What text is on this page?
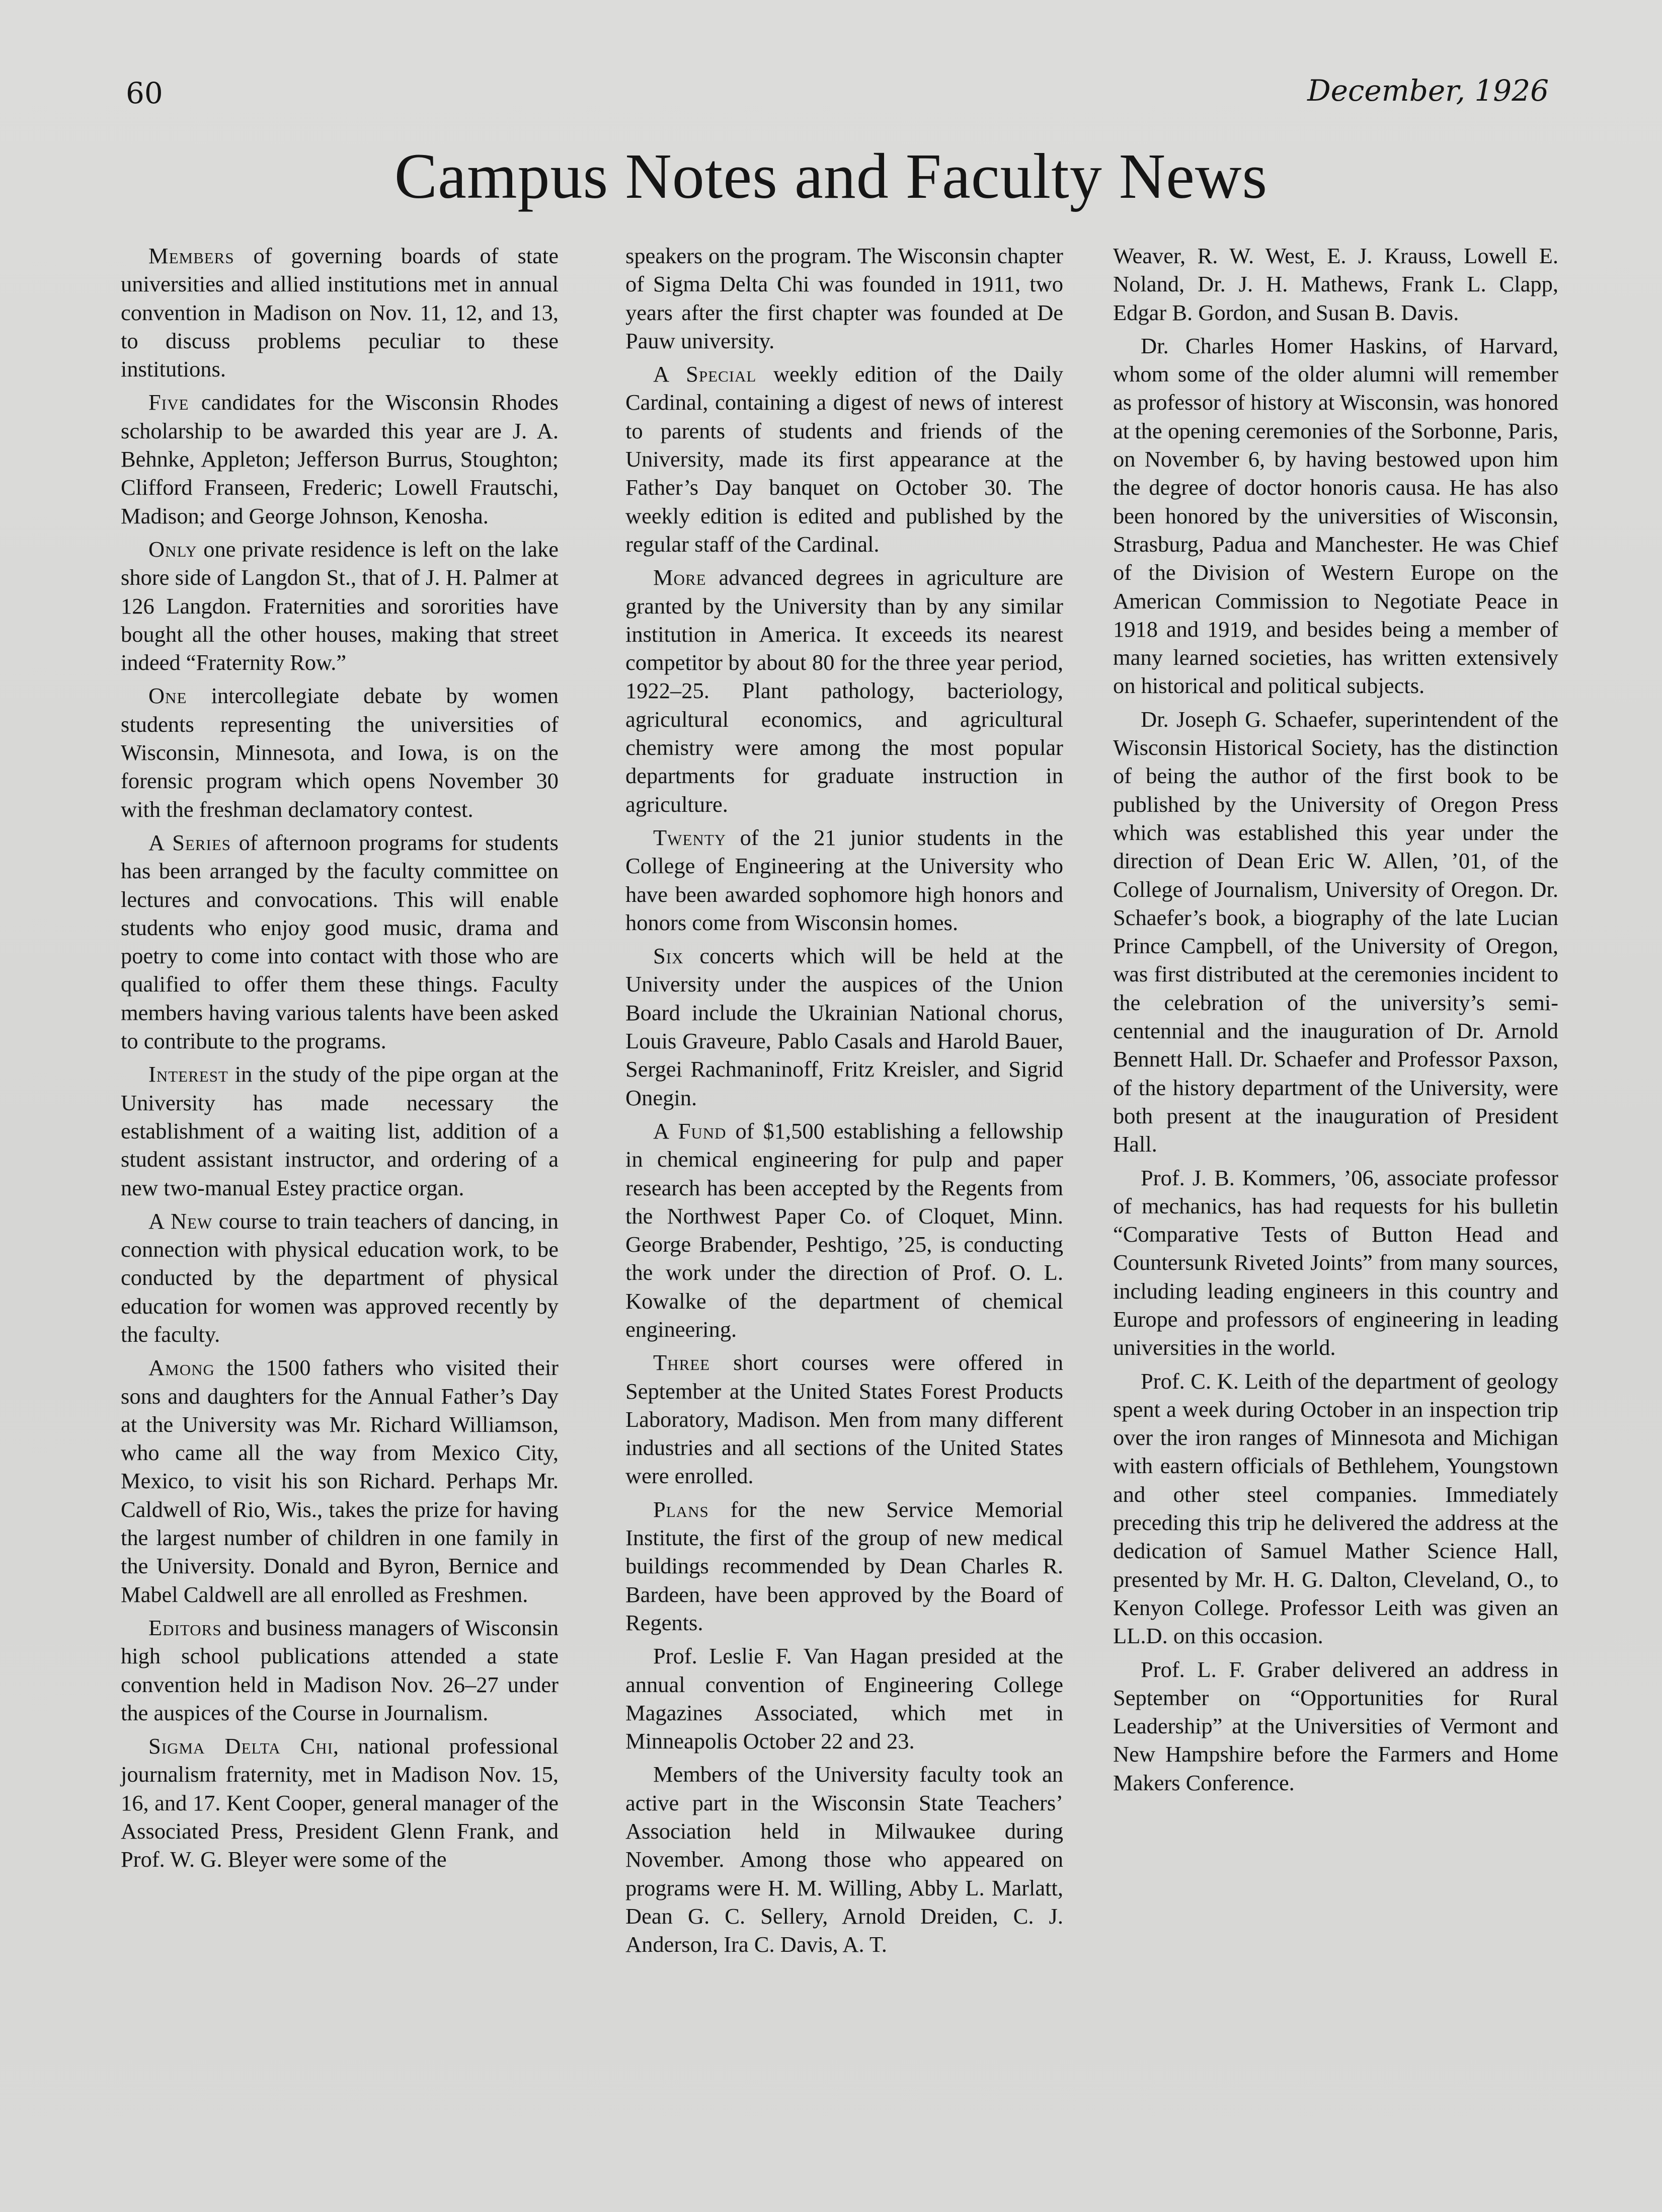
60	December, 1926
Campus Notes and Faculty News

Members of governing boards of state universities and allied institutions met in annual convention in Madison on Nov. 11, 12, and 13, to discuss problems peculiar to these institutions.

Five candidates for the Wisconsin Rhodes scholarship to be awarded this year are J. A. Behnke, Appleton; Jefferson Burrus, Stoughton; Clifford Franseen, Frederic; Lowell Frautschi, Madison; and George Johnson, Kenosha.

Only one private residence is left on the lake shore side of Langdon St., that of J. H. Palmer at 126 Langdon. Fraternities and sororities have bought all the other houses, making that street indeed “Fraternity Row.”

One intercollegiate debate by women students representing the universities of Wisconsin, Minnesota, and Iowa, is on the forensic program which opens November 30 with the freshman declamatory contest.

A Series of afternoon programs for students has been arranged by the faculty committee on lectures and convocations. This will enable students who enjoy good music, drama and poetry to come into contact with those who are qualified to offer them these things. Faculty members having various talents have been asked to contribute to the programs.

Interest in the study of the pipe organ at the University has made necessary the establishment of a waiting list, addition of a student assistant instructor, and ordering of a new two-manual Estey practice organ.

A New course to train teachers of dancing, in connection with physical education work, to be conducted by the department of physical education for women was approved recently by the faculty.

Among the 1500 fathers who visited their sons and daughters for the Annual Father’s Day at the University was Mr. Richard Williamson, who came all the way from Mexico City, Mexico, to visit his son Richard. Perhaps Mr. Caldwell of Rio, Wis., takes the prize for having the largest number of children in one family in the University. Donald and Byron, Bernice and Mabel Caldwell are all enrolled as Freshmen.

Editors and business managers of Wisconsin high school publications attended a state convention held in Madison Nov. 26–27 under the auspices of the Course in Journalism.

Sigma Delta Chi, national professional journalism fraternity, met in Madison Nov. 15, 16, and 17. Kent Cooper, general manager of the Associated Press, President Glenn Frank, and Prof. W. G. Bleyer were some of the

speakers on the program. The Wisconsin chapter of Sigma Delta Chi was founded in 1911, two years after the first chapter was founded at De Pauw university.

A Special weekly edition of the Daily Cardinal, containing a digest of news of interest to parents of students and friends of the University, made its first appearance at the Father’s Day banquet on October 30. The weekly edition is edited and published by the regular staff of the Cardinal.

More advanced degrees in agriculture are granted by the University than by any similar institution in America. It exceeds its nearest competitor by about 80 for the three year period, 1922–25. Plant pathology, bacteriology, agricultural economics, and agricultural chemistry were among the most popular departments for graduate instruction in agriculture.

Twenty of the 21 junior students in the College of Engineering at the University who have been awarded sophomore high honors and honors come from Wisconsin homes.

Six concerts which will be held at the University under the auspices of the Union Board include the Ukrainian National chorus, Louis Graveure, Pablo Casals and Harold Bauer, Sergei Rachmaninoff, Fritz Kreisler, and Sigrid Onegin.

A Fund of $1,500 establishing a fellowship in chemical engineering for pulp and paper research has been accepted by the Regents from the Northwest Paper Co. of Cloquet, Minn. George Brabender, Peshtigo, ’25, is conducting the work under the direction of Prof. O. L. Kowalke of the department of chemical engineering.

Three short courses were offered in September at the United States Forest Products Laboratory, Madison. Men from many different industries and all sections of the United States were enrolled.

Plans for the new Service Memorial Institute, the first of the group of new medical buildings recommended by Dean Charles R. Bardeen, have been approved by the Board of Regents.

Prof. Leslie F. Van Hagan presided at the annual convention of Engineering College Magazines Associated, which met in Minneapolis October 22 and 23.

Members of the University faculty took an active part in the Wisconsin State Teachers’ Association held in Milwaukee during November. Among those who appeared on programs were H. M. Willing, Abby L. Marlatt, Dean G. C. Sellery, Arnold Dreiden, C. J. Anderson, Ira C. Davis, A. T.

Weaver, R. W. West, E. J. Krauss, Lowell E. Noland, Dr. J. H. Mathews, Frank L. Clapp, Edgar B. Gordon, and Susan B. Davis.

Dr. Charles Homer Haskins, of Harvard, whom some of the older alumni will remember as professor of history at Wisconsin, was honored at the opening ceremonies of the Sorbonne, Paris, on November 6, by having bestowed upon him the degree of doctor honoris causa. He has also been honored by the universities of Wisconsin, Strasburg, Padua and Manchester. He was Chief of the Division of Western Europe on the American Commission to Negotiate Peace in 1918 and 1919, and besides being a member of many learned societies, has written extensively on historical and political subjects.

Dr. Joseph G. Schaefer, superintendent of the Wisconsin Historical Society, has the distinction of being the author of the first book to be published by the University of Oregon Press which was established this year under the direction of Dean Eric W. Allen, ’01, of the College of Journalism, University of Oregon. Dr. Schaefer’s book, a biography of the late Lucian Prince Campbell, of the University of Oregon, was first distributed at the ceremonies incident to the celebration of the university’s semi-centennial and the inauguration of Dr. Arnold Bennett Hall. Dr. Schaefer and Professor Paxson, of the history department of the University, were both present at the inauguration of President Hall.

Prof. J. B. Kommers, ’06, associate professor of mechanics, has had requests for his bulletin “Comparative Tests of Button Head and Countersunk Riveted Joints” from many sources, including leading engineers in this country and Europe and professors of engineering in leading universities in the world.

Prof. C. K. Leith of the department of geology spent a week during October in an inspection trip over the iron ranges of Minnesota and Michigan with eastern officials of Bethlehem, Youngstown and other steel companies. Immediately preceding this trip he delivered the address at the dedication of Samuel Mather Science Hall, presented by Mr. H. G. Dalton, Cleveland, O., to Kenyon College. Professor Leith was given an LL.D. on this occasion.

Prof. L. F. Graber delivered an address in September on “Opportunities for Rural Leadership” at the Universities of Vermont and New Hampshire before the Farmers and Home Makers Conference.
